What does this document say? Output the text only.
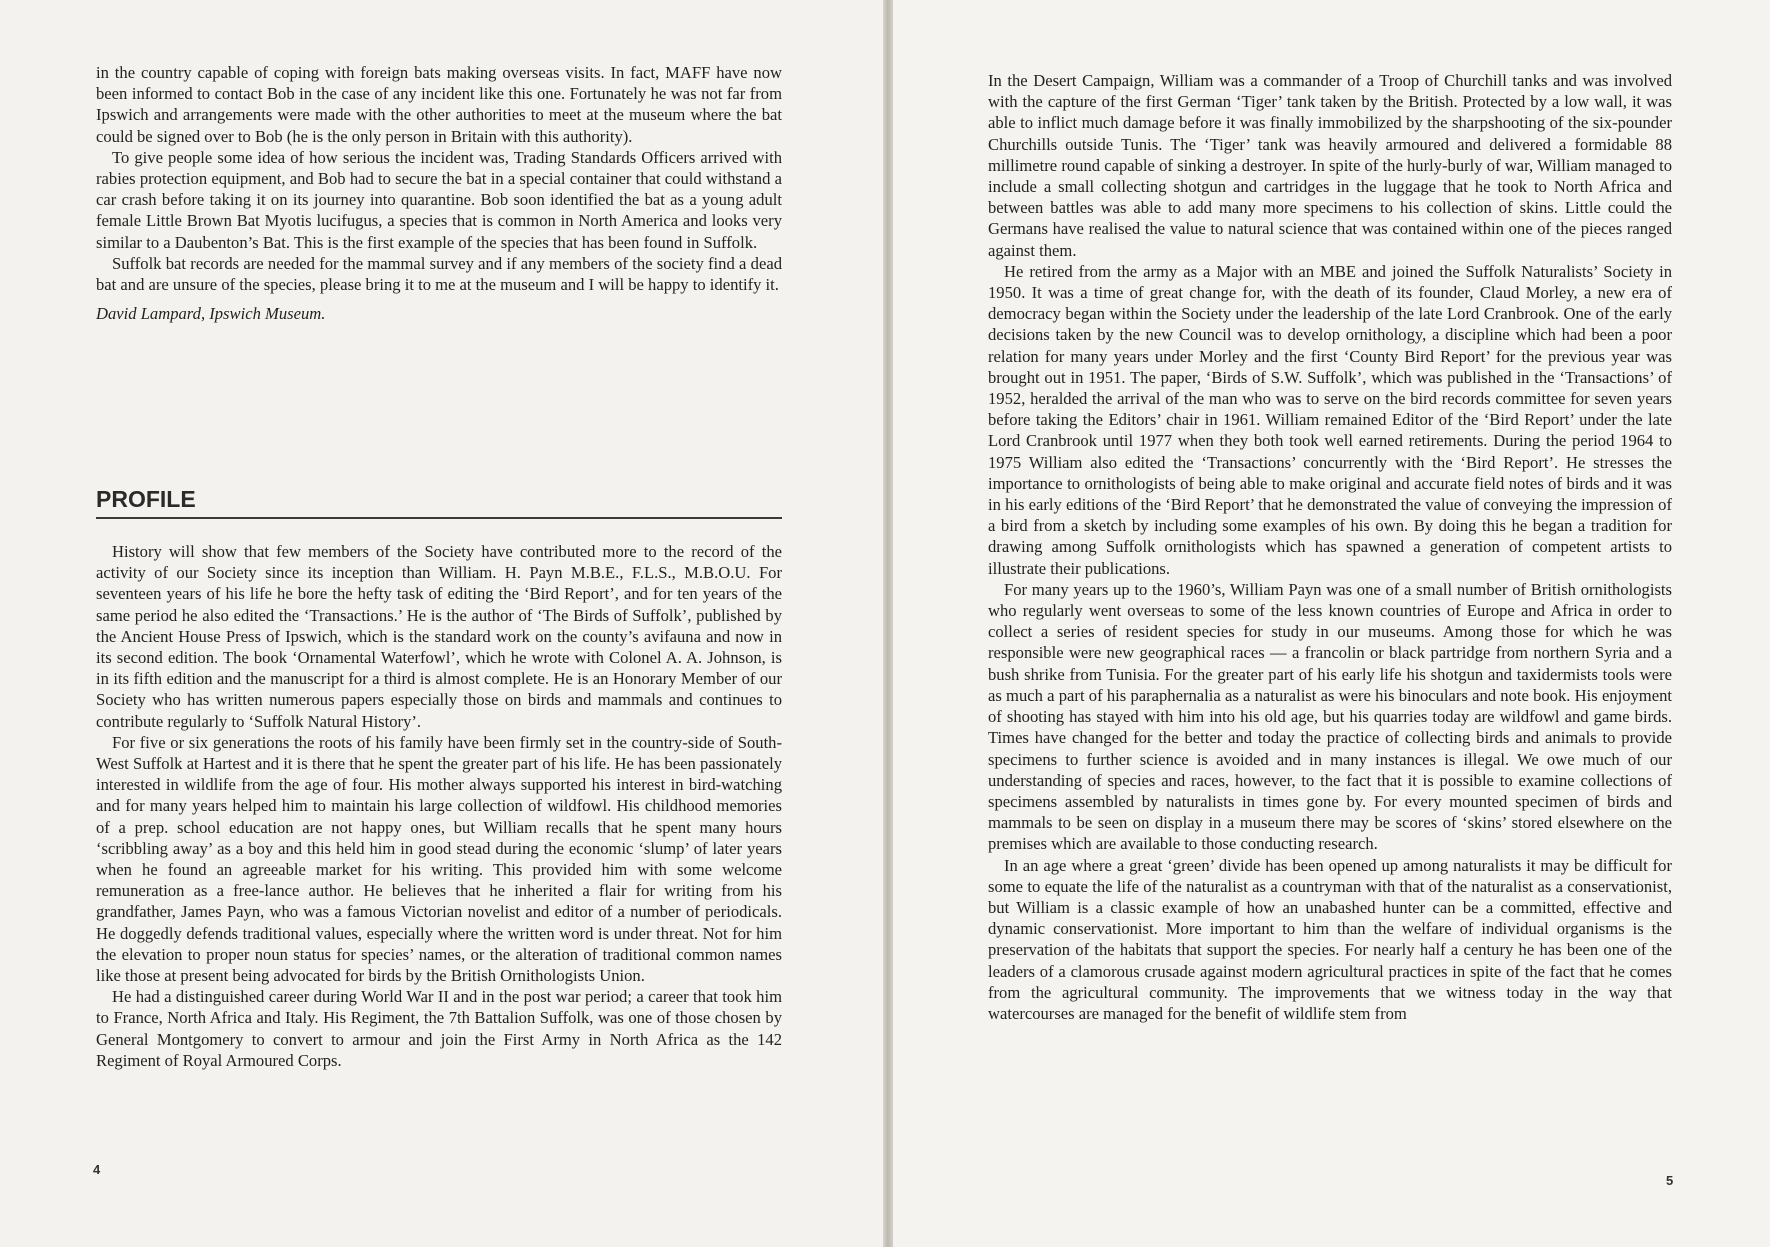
in the country capable of coping with foreign bats making overseas visits. In fact, MAFF have now been informed to contact Bob in the case of any incident like this one. Fortunately he was not far from Ipswich and arrangements were made with the other authorities to meet at the museum where the bat could be signed over to Bob (he is the only person in Britain with this authority).

To give people some idea of how serious the incident was, Trading Standards Officers arrived with rabies protection equipment, and Bob had to secure the bat in a special container that could withstand a car crash before taking it on its journey into quarantine. Bob soon identified the bat as a young adult female Little Brown Bat Myotis lucifugus, a species that is common in North America and looks very similar to a Daubenton’s Bat. This is the first example of the species that has been found in Suffolk.

Suffolk bat records are needed for the mammal survey and if any members of the society find a dead bat and are unsure of the species, please bring it to me at the museum and I will be happy to identify it.

David Lampard, Ipswich Museum.

PROFILE

History will show that few members of the Society have contributed more to the record of the activity of our Society since its inception than William. H. Payn M.B.E., F.L.S., M.B.O.U. For seventeen years of his life he bore the hefty task of editing the ‘Bird Report’, and for ten years of the same period he also edited the ‘Transactions.’ He is the author of ‘The Birds of Suffolk’, published by the Ancient House Press of Ipswich, which is the standard work on the county’s avifauna and now in its second edition. The book ‘Ornamental Waterfowl’, which he wrote with Colonel A. A. Johnson, is in its fifth edition and the manuscript for a third is almost complete. He is an Honorary Member of our Society who has written numerous papers especially those on birds and mammals and continues to contribute regularly to ‘Suffolk Natural History’.

For five or six generations the roots of his family have been firmly set in the country-side of South-West Suffolk at Hartest and it is there that he spent the greater part of his life. He has been passionately interested in wildlife from the age of four. His mother always supported his interest in bird-watching and for many years helped him to maintain his large collection of wildfowl. His childhood memories of a prep. school education are not happy ones, but William recalls that he spent many hours ‘scribbling away’ as a boy and this held him in good stead during the economic ‘slump’ of later years when he found an agreeable market for his writing. This provided him with some welcome remuneration as a free-lance author. He believes that he inherited a flair for writing from his grandfather, James Payn, who was a famous Victorian novelist and editor of a number of periodicals. He doggedly defends traditional values, especially where the written word is under threat. Not for him the elevation to proper noun status for species’ names, or the alteration of traditional common names like those at present being advocated for birds by the British Ornithologists Union.

He had a distinguished career during World War II and in the post war period; a career that took him to France, North Africa and Italy. His Regiment, the 7th Battalion Suffolk, was one of those chosen by General Montgomery to convert to armour and join the First Army in North Africa as the 142 Regiment of Royal Armoured Corps.

4

In the Desert Campaign, William was a commander of a Troop of Churchill tanks and was involved with the capture of the first German ‘Tiger’ tank taken by the British. Protected by a low wall, it was able to inflict much damage before it was finally immobilized by the sharpshooting of the six-pounder Churchills outside Tunis. The ‘Tiger’ tank was heavily armoured and delivered a formidable 88 millimetre round capable of sinking a destroyer. In spite of the hurly-burly of war, William managed to include a small collecting shotgun and cartridges in the luggage that he took to North Africa and between battles was able to add many more specimens to his collection of skins. Little could the Germans have realised the value to natural science that was contained within one of the pieces ranged against them.

He retired from the army as a Major with an MBE and joined the Suffolk Naturalists’ Society in 1950. It was a time of great change for, with the death of its founder, Claud Morley, a new era of democracy began within the Society under the leadership of the late Lord Cranbrook. One of the early decisions taken by the new Council was to develop ornithology, a discipline which had been a poor relation for many years under Morley and the first ‘County Bird Report’ for the previous year was brought out in 1951. The paper, ‘Birds of S.W. Suffolk’, which was published in the ‘Transactions’ of 1952, heralded the arrival of the man who was to serve on the bird records committee for seven years before taking the Editors’ chair in 1961. William remained Editor of the ‘Bird Report’ under the late Lord Cranbrook until 1977 when they both took well earned retirements. During the period 1964 to 1975 William also edited the ‘Transactions’ concurrently with the ‘Bird Report’. He stresses the importance to ornithologists of being able to make original and accurate field notes of birds and it was in his early editions of the ‘Bird Report’ that he demonstrated the value of conveying the impression of a bird from a sketch by including some examples of his own. By doing this he began a tradition for drawing among Suffolk ornithologists which has spawned a generation of competent artists to illustrate their publications.

For many years up to the 1960’s, William Payn was one of a small number of British ornithologists who regularly went overseas to some of the less known countries of Europe and Africa in order to collect a series of resident species for study in our museums. Among those for which he was responsible were new geographical races — a francolin or black partridge from northern Syria and a bush shrike from Tunisia. For the greater part of his early life his shotgun and taxidermists tools were as much a part of his paraphernalia as a naturalist as were his binoculars and note book. His enjoyment of shooting has stayed with him into his old age, but his quarries today are wildfowl and game birds. Times have changed for the better and today the practice of collecting birds and animals to provide specimens to further science is avoided and in many instances is illegal. We owe much of our understanding of species and races, however, to the fact that it is possible to examine collections of specimens assembled by naturalists in times gone by. For every mounted specimen of birds and mammals to be seen on display in a museum there may be scores of ‘skins’ stored elsewhere on the premises which are available to those conducting research.

In an age where a great ‘green’ divide has been opened up among naturalists it may be difficult for some to equate the life of the naturalist as a countryman with that of the naturalist as a conservationist, but William is a classic example of how an unabashed hunter can be a committed, effective and dynamic conservationist. More important to him than the welfare of individual organisms is the preservation of the habitats that support the species. For nearly half a century he has been one of the leaders of a clamorous crusade against modern agricultural practices in spite of the fact that he comes from the agricultural community. The improvements that we witness today in the way that watercourses are managed for the benefit of wildlife stem from

5
